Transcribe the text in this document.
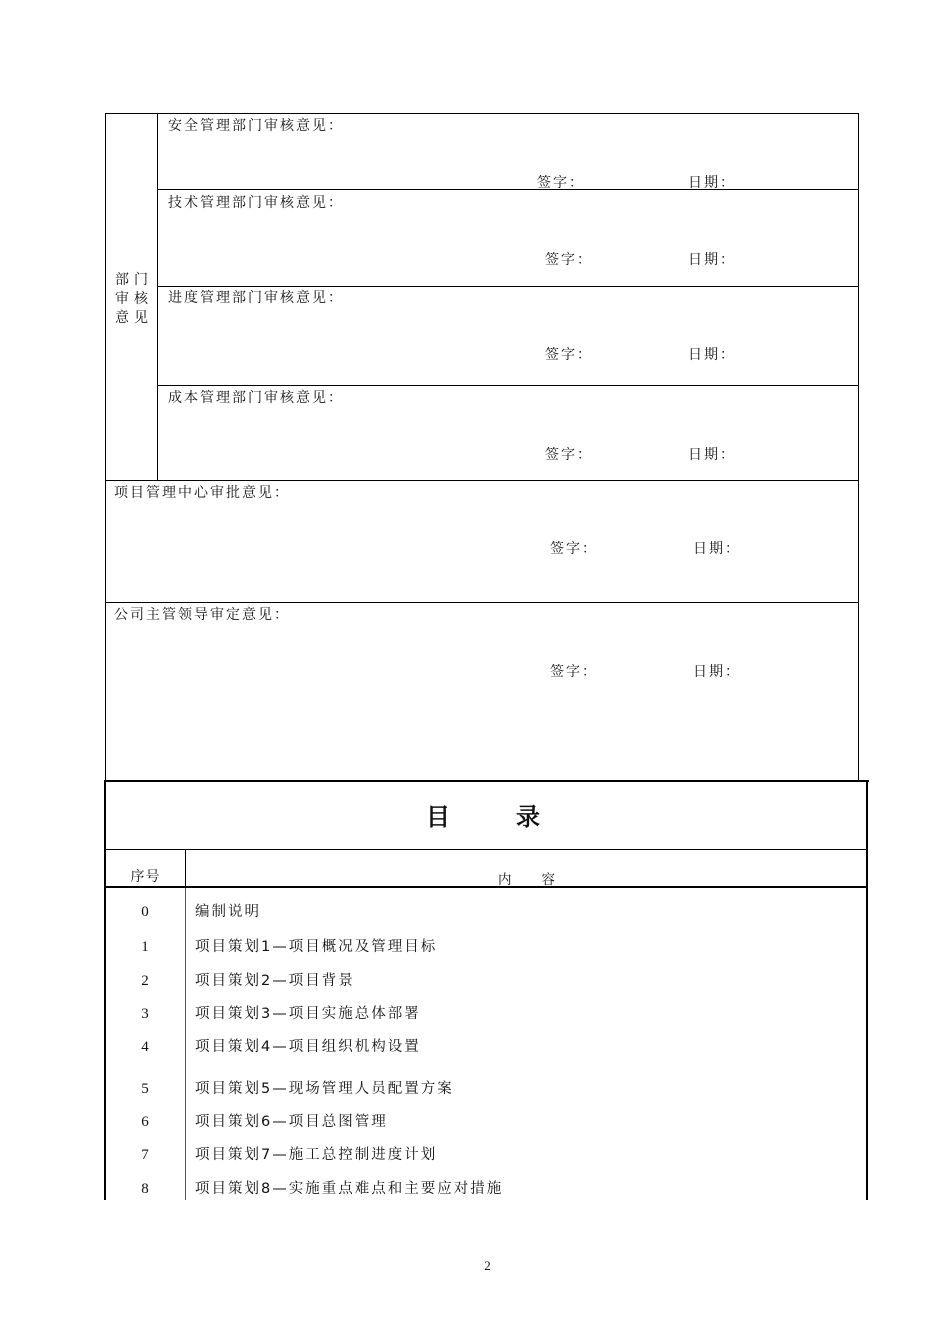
部门
审核
意见
安全管理部门审核意见：
签字：	日期：
技术管理部门审核意见：
签字：	日期：
进度管理部门审核意见：
签字：	日期：
成本管理部门审核意见：
签字：	日期：
项目管理中心审批意见：
签字：	日期：
公司主管领导审定意见：
签字：	日期：
目　　录
序号	内　　容
0	编制说明
1	项目策划1—项目概况及管理目标
2	项目策划2—项目背景
3	项目策划3—项目实施总体部署
4	项目策划4—项目组织机构设置
5	项目策划5—现场管理人员配置方案
6	项目策划6—项目总图管理
7	项目策划7—施工总控制进度计划
8	项目策划8—实施重点难点和主要应对措施
2
